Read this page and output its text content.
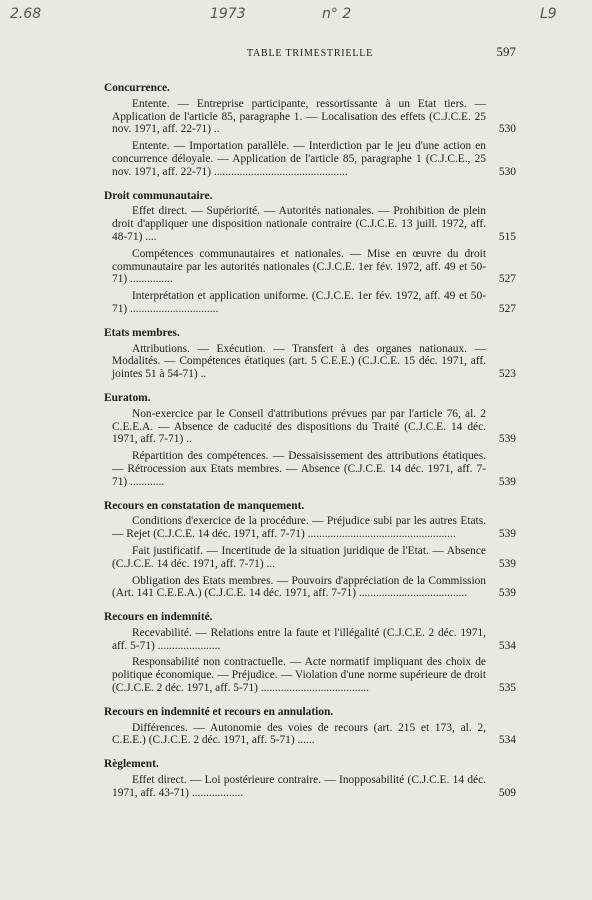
2.68	1973	n° 2	L9
TABLE TRIMESTRIELLE	597
Concurrence.
Entente. — Entreprise participante, ressortissante à un Etat tiers. — Application de l'article 85, paragraphe 1. — Localisation des effets (C.J.C.E. 25 nov. 1971, aff. 22-71) ..	530
Entente. — Importation parallèle. — Interdiction par le jeu d'une action en concurrence déloyale. — Application de l'article 85, paragraphe 1 (C.J.C.E., 25 nov. 1971, aff. 22-71) ...............................................	530
Droit communautaire.
Effet direct. — Supériorité. — Autorités nationales. — Prohibition de plein droit d'appliquer une disposition nationale contraire (C.J.C.E. 13 juill. 1972, aff. 48-71) ....	515
Compétences communautaires et nationales. — Mise en œuvre du droit communautaire par les autorités nationales (C.J.C.E. 1er fév. 1972, aff. 49 et 50-71) ...............	527
Interprétation et application uniforme. (C.J.C.E. 1er fév. 1972, aff. 49 et 50-71) ...............................	527
Etats membres.
Attributions. — Exécution. — Transfert à des organes nationaux. — Modalités. — Compétences étatiques (art. 5 C.E.E.) (C.J.C.E. 15 déc. 1971, aff. jointes 51 à 54-71) ..	523
Euratom.
Non-exercice par le Conseil d'attributions prévues par par l'article 76, al. 2 C.E.E.A. — Absence de caducité des dispositions du Traité (C.J.C.E. 14 déc. 1971, aff. 7-71) ..	539
Répartition des compétences. — Dessaisissement des attributions étatiques. — Rétrocession aux Etats membres. — Absence (C.J.C.E. 14 déc. 1971, aff. 7-71) ............	539
Recours en constatation de manquement.
Conditions d'exercice de la procédure. — Préjudice subi par les autres Etats. — Rejet (C.J.C.E. 14 déc. 1971, aff. 7-71) ....................................................	539
Fait justificatif. — Incertitude de la situation juridique de l'Etat. — Absence (C.J.C.E. 14 déc. 1971, aff. 7-71) ...	539
Obligation des Etats membres. — Pouvoirs d'appréciation de la Commission (Art. 141 C.E.E.A.) (C.J.C.E. 14 déc. 1971, aff. 7-71) ......................................	539
Recours en indemnité.
Recevabilité. — Relations entre la faute et l'illégalité (C.J.C.E. 2 déc. 1971, aff. 5-71) ......................	534
Responsabilité non contractuelle. — Acte normatif impliquant des choix de politique économique. — Préjudice. — Violation d'une norme supérieure de droit (C.J.C.E. 2 déc. 1971, aff. 5-71) ......................................	535
Recours en indemnité et recours en annulation.
Différences. — Autonomie des voies de recours (art. 215 et 173, al. 2, C.E.E.) (C.J.C.E. 2 déc. 1971, aff. 5-71) ......	534
Règlement.
Effet direct. — Loi postérieure contraire. — Inopposabilité (C.J.C.E. 14 déc. 1971, aff. 43-71) ..................	509
